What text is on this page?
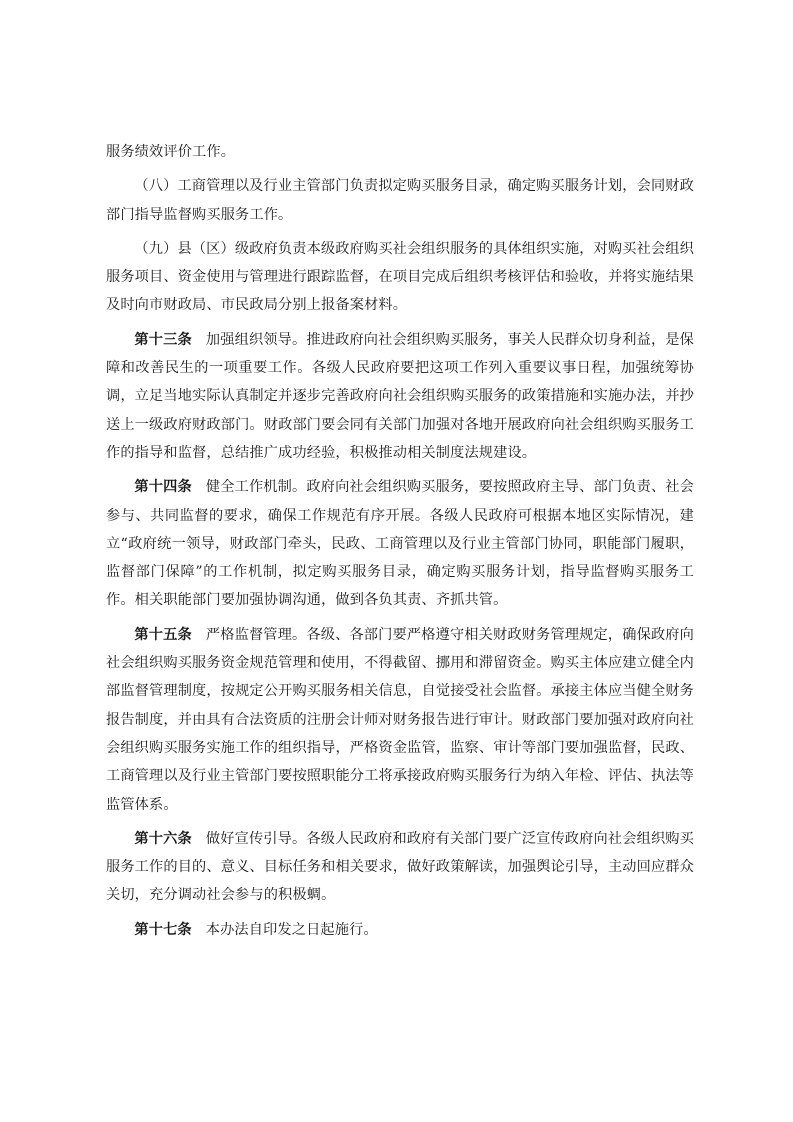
服务绩效评价工作。

（八）工商管理以及行业主管部门负责拟定购买服务目录，确定购买服务计划，会同财政部门指导监督购买服务工作。

（九）县（区）级政府负责本级政府购买社会组织服务的具体组织实施，对购买社会组织服务项目、资金使用与管理进行跟踪监督，在项目完成后组织考核评估和验收，并将实施结果及时向市财政局、市民政局分别上报备案材料。

第十三条 加强组织领导。推进政府向社会组织购买服务，事关人民群众切身利益，是保障和改善民生的一项重要工作。各级人民政府要把这项工作列入重要议事日程，加强统筹协调，立足当地实际认真制定并逐步完善政府向社会组织购买服务的政策措施和实施办法，并抄送上一级政府财政部门。财政部门要会同有关部门加强对各地开展政府向社会组织购买服务工作的指导和监督，总结推广成功经验，积极推动相关制度法规建设。

第十四条 健全工作机制。政府向社会组织购买服务，要按照政府主导、部门负责、社会参与、共同监督的要求，确保工作规范有序开展。各级人民政府可根据本地区实际情况，建立“政府统一领导，财政部门牵头，民政、工商管理以及行业主管部门协同，职能部门履职，监督部门保障”的工作机制，拟定购买服务目录，确定购买服务计划，指导监督购买服务工作。相关职能部门要加强协调沟通，做到各负其责、齐抓共管。

第十五条 严格监督管理。各级、各部门要严格遵守相关财政财务管理规定，确保政府向社会组织购买服务资金规范管理和使用，不得截留、挪用和滞留资金。购买主体应建立健全内部监督管理制度，按规定公开购买服务相关信息，自觉接受社会监督。承接主体应当健全财务报告制度，并由具有合法资质的注册会计师对财务报告进行审计。财政部门要加强对政府向社会组织购买服务实施工作的组织指导，严格资金监管，监察、审计等部门要加强监督，民政、工商管理以及行业主管部门要按照职能分工将承接政府购买服务行为纳入年检、评估、执法等监管体系。

第十六条 做好宣传引导。各级人民政府和政府有关部门要广泛宣传政府向社会组织购买服务工作的目的、意义、目标任务和相关要求，做好政策解读，加强舆论引导，主动回应群众关切，充分调动社会参与的积极蜩。

第十七条 本办法自印发之日起施行。
